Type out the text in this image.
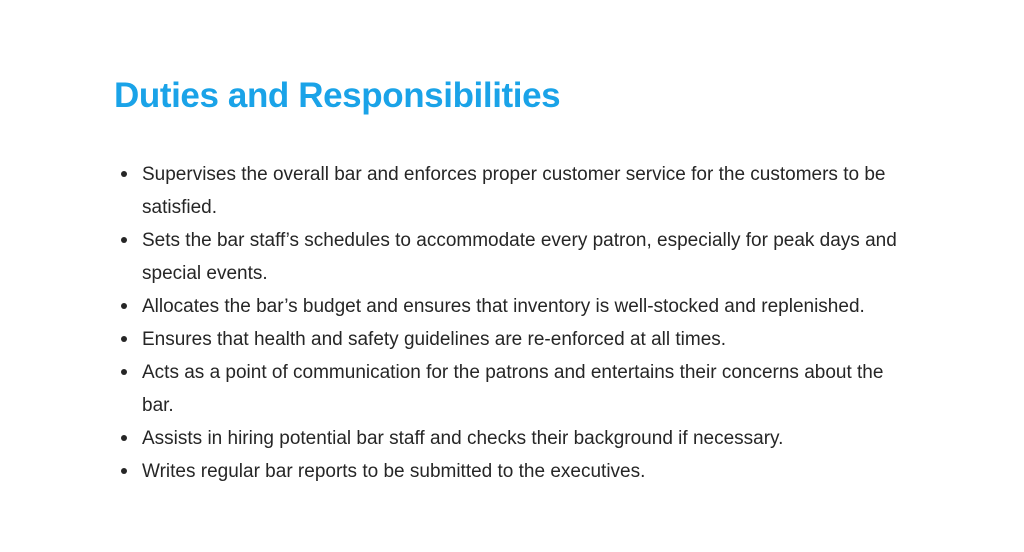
Duties and Responsibilities
Supervises the overall bar and enforces proper customer service for the customers to be satisfied.
Sets the bar staff’s schedules to accommodate every patron, especially for peak days and special events.
Allocates the bar’s budget and ensures that inventory is well-stocked and replenished.
Ensures that health and safety guidelines are re-enforced at all times.
Acts as a point of communication for the patrons and entertains their concerns about the bar.
Assists in hiring potential bar staff and checks their background if necessary.
Writes regular bar reports to be submitted to the executives.
